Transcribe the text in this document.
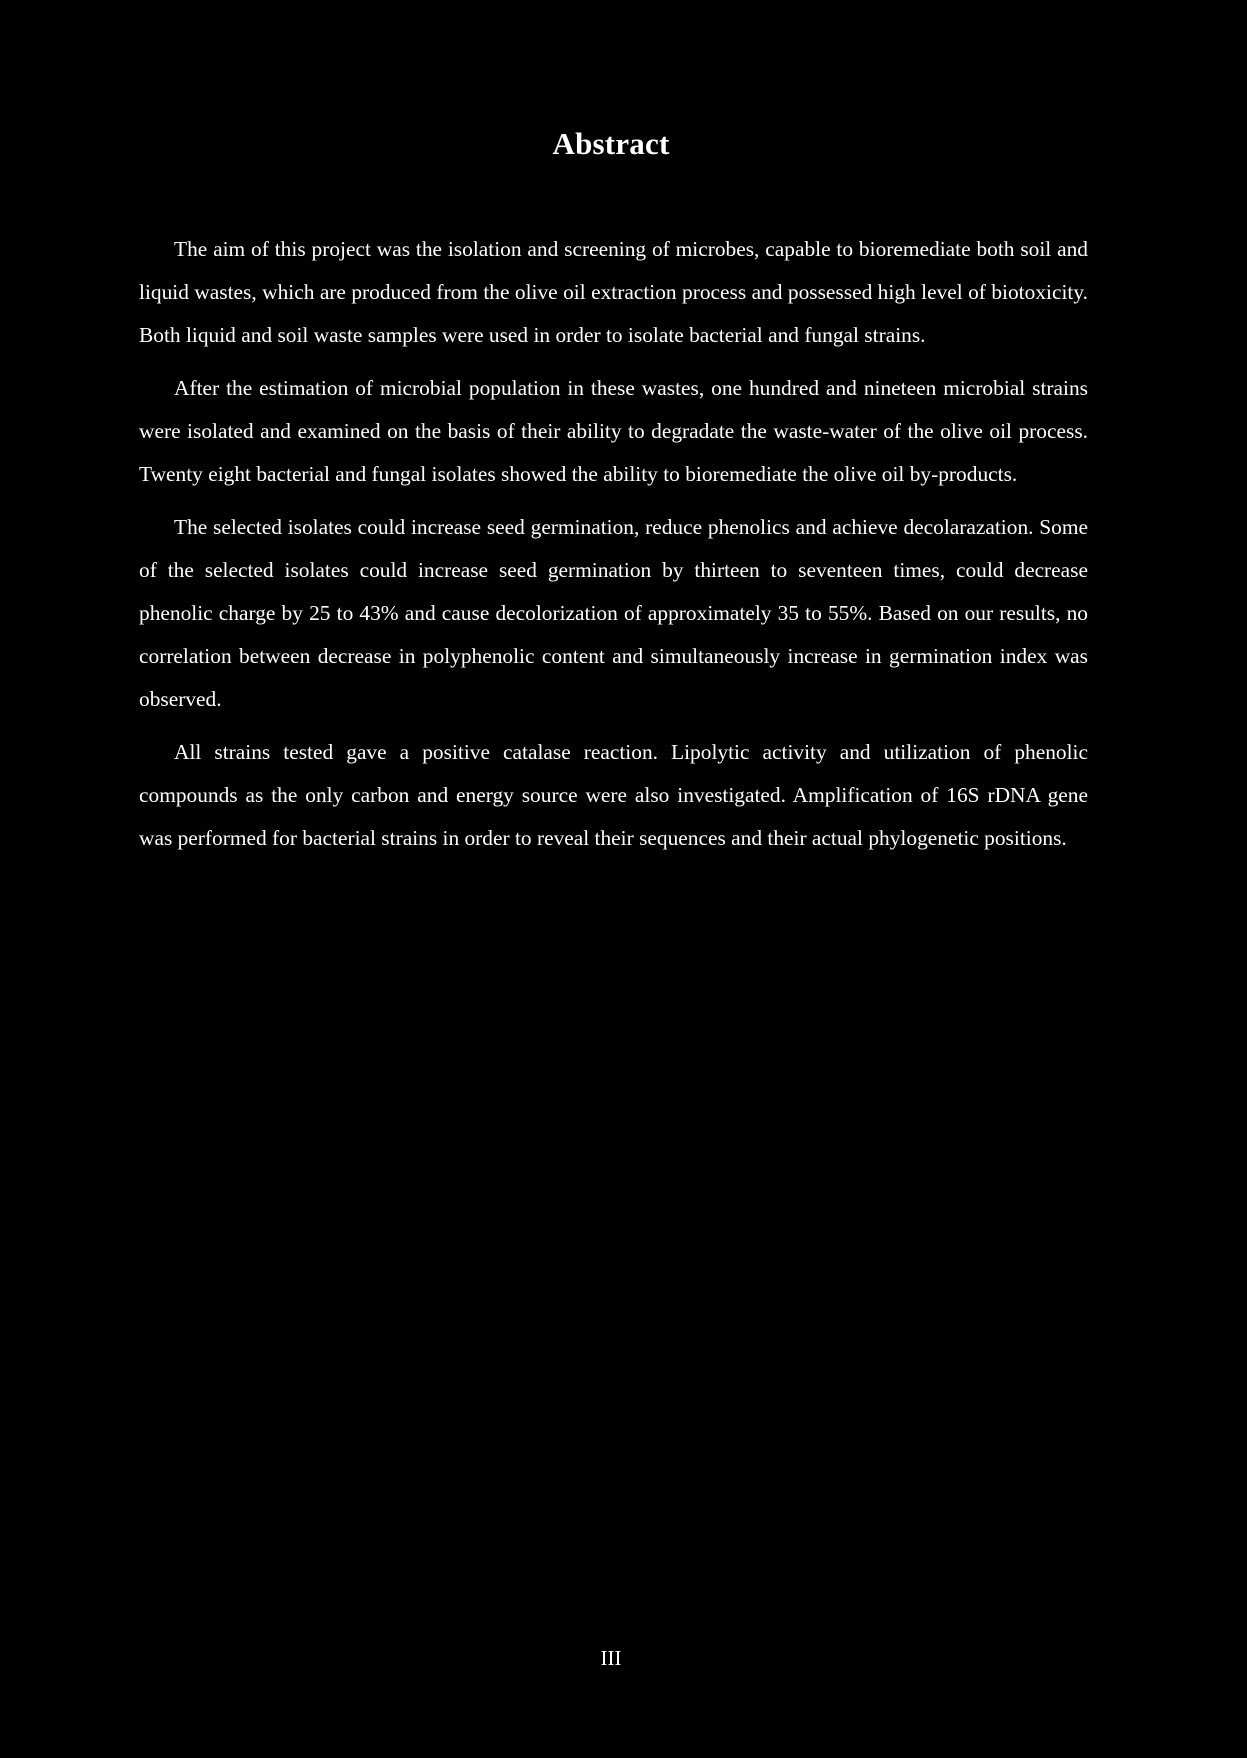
Abstract

The aim of this project was the isolation and screening of microbes, capable to bioremediate both soil and liquid wastes, which are produced from the olive oil extraction process and possessed high level of biotoxicity. Both liquid and soil waste samples were used in order to isolate bacterial and fungal strains.

After the estimation of microbial population in these wastes, one hundred and nineteen microbial strains were isolated and examined on the basis of their ability to degradate the waste-water of the olive oil process. Twenty eight bacterial and fungal isolates showed the ability to bioremediate the olive oil by-products.

The selected isolates could increase seed germination, reduce phenolics and achieve decolarazation. Some of the selected isolates could increase seed germination by thirteen to seventeen times, could decrease phenolic charge by 25 to 43% and cause decolorization of approximately 35 to 55%. Based on our results, no correlation between decrease in polyphenolic content and simultaneously increase in germination index was observed.

All strains tested gave a positive catalase reaction. Lipolytic activity and utilization of phenolic compounds as the only carbon and energy source were also investigated. Amplification of 16S rDNA gene was performed for bacterial strains in order to reveal their sequences and their actual phylogenetic positions.

III
